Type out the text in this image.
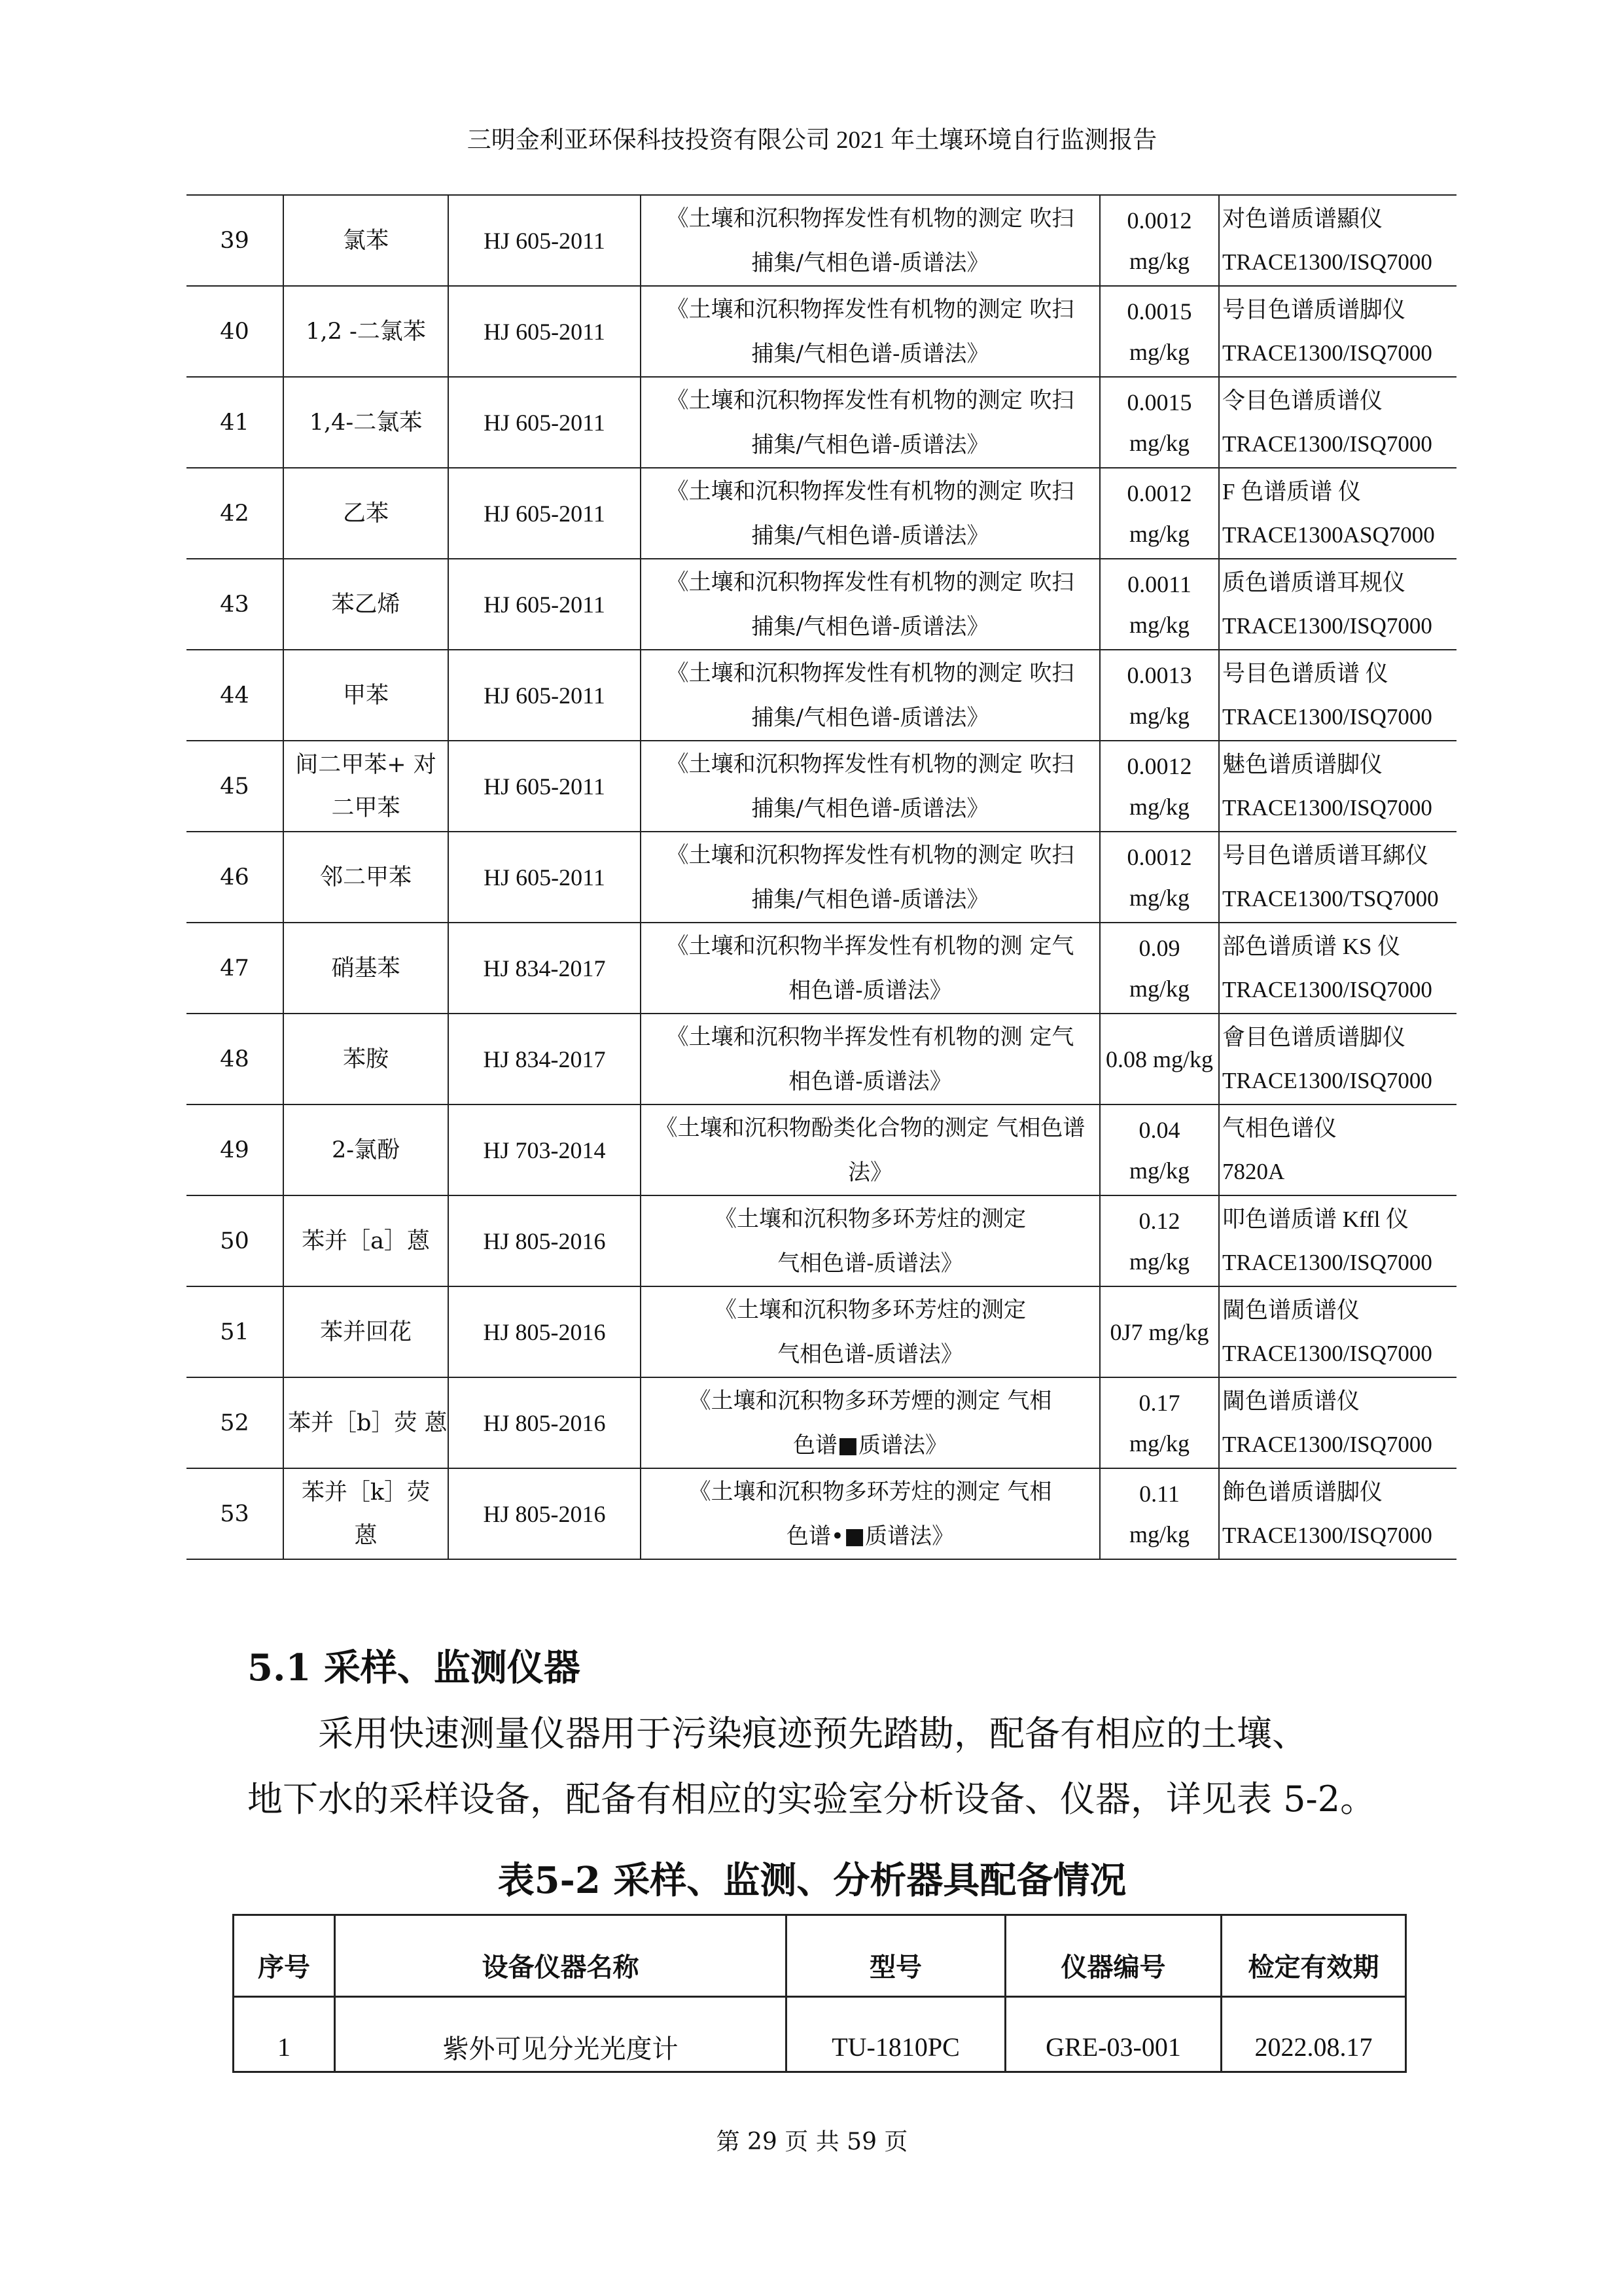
三明金利亚环保科技投资有限公司 2021 年土壤环境自行监测报告
39	氯苯	HJ 605-2011	《土壤和沉积物挥发性有机物的测定 吹扫
捕集/气相色谱-质谱法》	0.0012
mg/kg	对色谱质谱顯仪
TRACE1300/ISQ7000

40	1,2 -二氯苯	HJ 605-2011	《土壤和沉积物挥发性有机物的测定 吹扫
捕集/气相色谱-质谱法》	0.0015
mg/kg	号目色谱质谱脚仪
TRACE1300/ISQ7000

41	1,4-二氯苯	HJ 605-2011	《土壤和沉积物挥发性有机物的测定 吹扫
捕集/气相色谱-质谱法》	0.0015
mg/kg	令目色谱质谱仪
TRACE1300/ISQ7000

42	乙苯	HJ 605-2011	《土壤和沉积物挥发性有机物的测定 吹扫
捕集/气相色谱-质谱法》	0.0012
mg/kg	F 色谱质谱 仪
TRACE1300ASQ7000

43	苯乙烯	HJ 605-2011	《土壤和沉积物挥发性有机物的测定 吹扫
捕集/气相色谱-质谱法》	0.0011
mg/kg	质色谱质谱耳规仪
TRACE1300/ISQ7000

44	甲苯	HJ 605-2011	《土壤和沉积物挥发性有机物的测定 吹扫
捕集/气相色谱-质谱法》	0.0013
mg/kg	号目色谱质谱 仪
TRACE1300/ISQ7000

45	间二甲苯+ 对
二甲苯	HJ 605-2011	《土壤和沉积物挥发性有机物的测定 吹扫
捕集/气相色谱-质谱法》	0.0012
mg/kg	魅色谱质谱脚仪
TRACE1300/ISQ7000

46	邻二甲苯	HJ 605-2011	《土壤和沉积物挥发性有机物的测定 吹扫
捕集/气相色谱-质谱法》	0.0012
mg/kg	号目色谱质谱耳綁仪
TRACE1300/TSQ7000

47	硝基苯	HJ 834-2017	《土壤和沉积物半挥发性有机物的测 定气
相色谱-质谱法》	0.09
mg/kg	部色谱质谱 KS 仪
TRACE1300/ISQ7000

48	苯胺	HJ 834-2017	《土壤和沉积物半挥发性有机物的测 定气
相色谱-质谱法》	0.08 mg/kg	會目色谱质谱脚仪
TRACE1300/ISQ7000

49	2-氯酚	HJ 703-2014	《土壤和沉积物酚类化合物的测定 气相色谱
法》	0.04
mg/kg	气相色谱仪
7820A

50	苯并［a］蒽	HJ 805-2016	《土壤和沉积物多环芳炷的测定
气相色谱-质谱法》	0.12
mg/kg	叩色谱质谱 Kffl 仪
TRACE1300/ISQ7000

51	苯并回花	HJ 805-2016	《土壤和沉积物多环芳炷的测定
气相色谱-质谱法》	0J7 mg/kg	閫色谱质谱仪
TRACE1300/ISQ7000

52	苯并［b］荧 蒽	HJ 805-2016	《土壤和沉积物多环芳煙的测定 气相
色谱■质谱法》	0.17
mg/kg	閫色谱质谱仪
TRACE1300/ISQ7000

53	苯并［k］荧
蒽	HJ 805-2016	《土壤和沉积物多环芳炷的测定 气相
色谱•■质谱法》	0.11
mg/kg	飾色谱质谱脚仪
TRACE1300/ISQ7000
5.1 采样、监测仪器
采用快速测量仪器用于污染痕迹预先踏勘，配备有相应的土壤、
地下水的采样设备，配备有相应的实验室分析设备、仪器，详见表 5-2。
表5-2 采样、监测、分析器具配备情况
序号	设备仪器名称	型号	仪器编号	检定有效期
1	紫外可见分光光度计	TU-1810PC	GRE-03-001	2022.08.17
第 29 页 共 59 页
